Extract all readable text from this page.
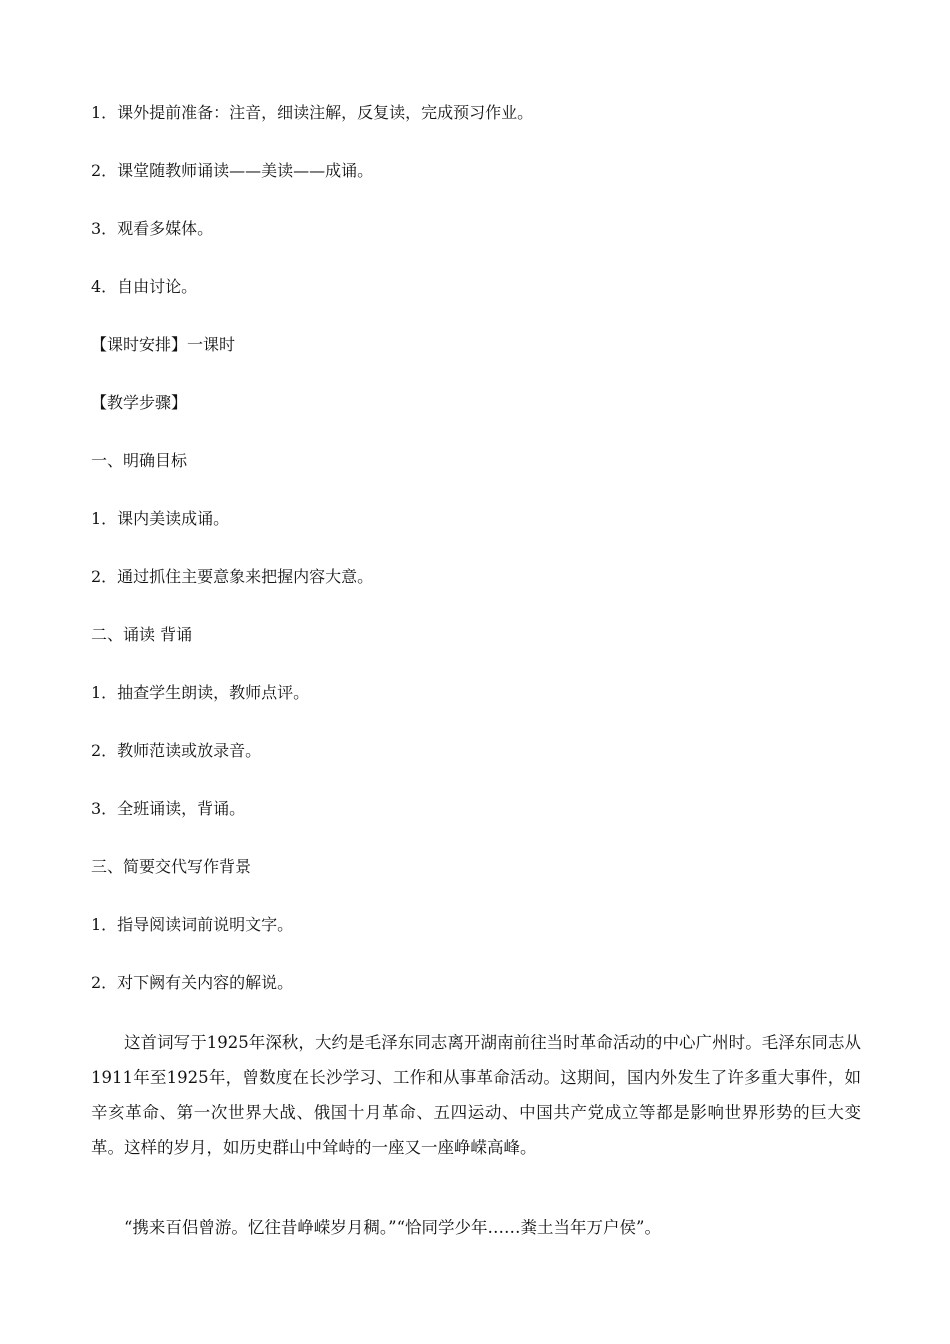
1．课外提前准备：注音，细读注解，反复读，完成预习作业。
2．课堂随教师诵读——美读——成诵。
3．观看多媒体。
4．自由讨论。
【课时安排】一课时
【教学步骤】
一、明确目标
1．课内美读成诵。
2．通过抓住主要意象来把握内容大意。
二、诵读 背诵
1．抽查学生朗读，教师点评。
2．教师范读或放录音。
3．全班诵读，背诵。
三、简要交代写作背景
1．指导阅读词前说明文字。
2．对下阙有关内容的解说。
这首词写于1925年深秋，大约是毛泽东同志离开湖南前往当时革命活动的中心广州时。毛泽东同志从1911年至1925年，曾数度在长沙学习、工作和从事革命活动。这期间，国内外发生了许多重大事件，如辛亥革命、第一次世界大战、俄国十月革命、五四运动、中国共产党成立等都是影响世界形势的巨大变革。这样的岁月，如历史群山中耸峙的一座又一座峥嵘高峰。
“携来百侣曾游。忆往昔峥嵘岁月稠。”“恰同学少年……粪土当年万户侯”。
